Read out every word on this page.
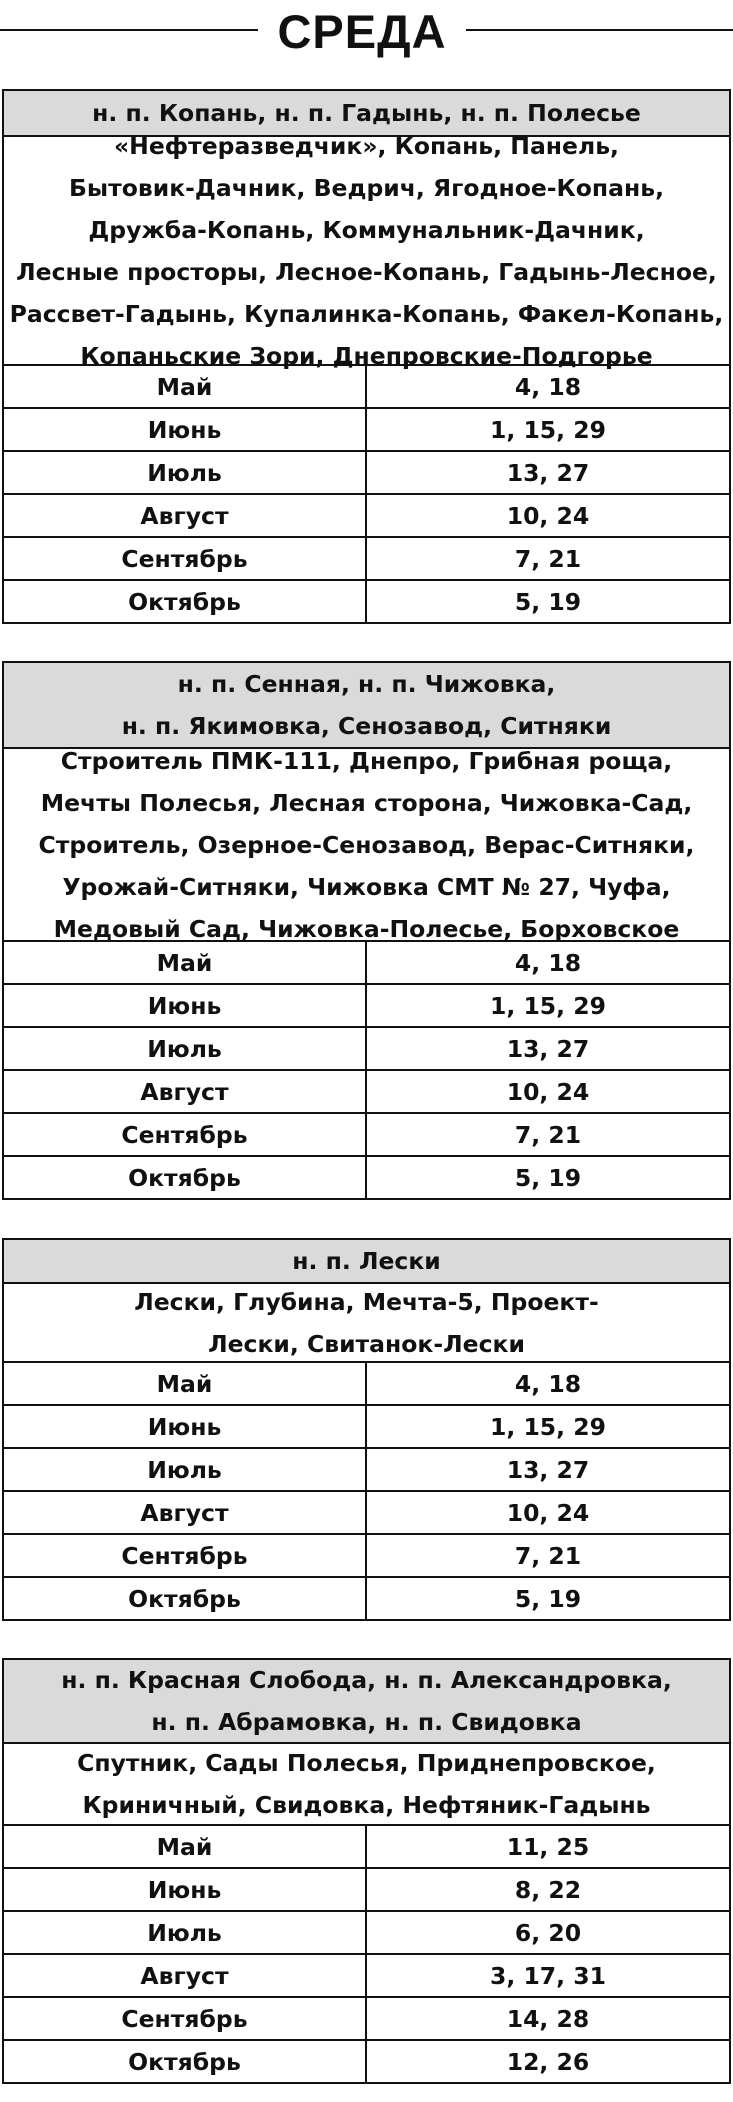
СРЕДА
н. п. Копань, н. п. Гадынь, н. п. Полесье
«Нефтеразведчик», Копань, Панель,
Бытовик-Дачник, Ведрич, Ягодное-Копань,
Дружба-Копань, Коммунальник-Дачник,
Лесные просторы, Лесное-Копань, Гадынь-Лесное,
Рассвет-Гадынь, Купалинка-Копань, Факел-Копань,
Копаньские Зори, Днепровские-Подгорье
Май	4, 18
Июнь	1, 15, 29
Июль	13, 27
Август	10, 24
Сентябрь	7, 21
Октябрь	5, 19
н. п. Сенная, н. п. Чижовка,
н. п. Якимовка, Сенозавод, Ситняки
Строитель ПМК-111, Днепро, Грибная роща,
Мечты Полесья, Лесная сторона, Чижовка-Сад,
Строитель, Озерное-Сенозавод, Верас-Ситняки,
Урожай-Ситняки, Чижовка СМТ № 27, Чуфа,
Медовый Сад, Чижовка-Полесье, Борховское
Май	4, 18
Июнь	1, 15, 29
Июль	13, 27
Август	10, 24
Сентябрь	7, 21
Октябрь	5, 19
н. п. Лески
Лески, Глубина, Мечта-5, Проект-
Лески, Свитанок-Лески
Май	4, 18
Июнь	1, 15, 29
Июль	13, 27
Август	10, 24
Сентябрь	7, 21
Октябрь	5, 19
н. п. Красная Слобода, н. п. Александровка,
н. п. Абрамовка, н. п. Свидовка
Спутник, Сады Полесья, Приднепровское,
Криничный, Свидовка, Нефтяник-Гадынь
Май	11, 25
Июнь	8, 22
Июль	6, 20
Август	3, 17, 31
Сентябрь	14, 28
Октябрь	12, 26
